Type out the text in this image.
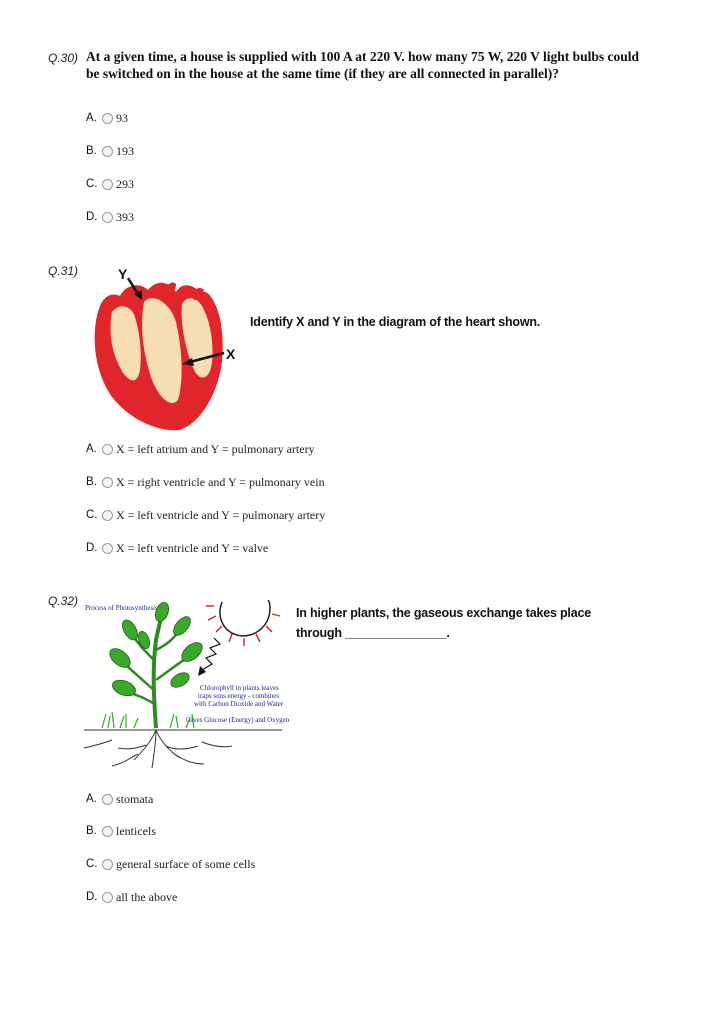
Q.30) At a given time, a house is supplied with 100 A at 220 V. how many 75 W, 220 V light bulbs could
be switched on in the house at the same time (if they are all connected in parallel)?
A.	93
B.	193
C.	293
D.	393
Q.31)	Y
X
Identify X and Y in the diagram of the heart shown.
A.	X = left atrium and Y = pulmonary artery
B.	X = right ventricle and Y = pulmonary vein
C.	X = left ventricle and Y = pulmonary artery
D.	X = left ventricle and Y = valve
Q.32) Process of Photosynthesis
Chlorophyll in plants leaves
traps suns energy - combines
with Carbon Dioxide and Water
Gives Glucose (Energy) and Oxygen
In higher plants, the gaseous exchange takes place
through _______________.
A.	stomata
B.	lenticels
C.	general surface of some cells
D.	all the above
